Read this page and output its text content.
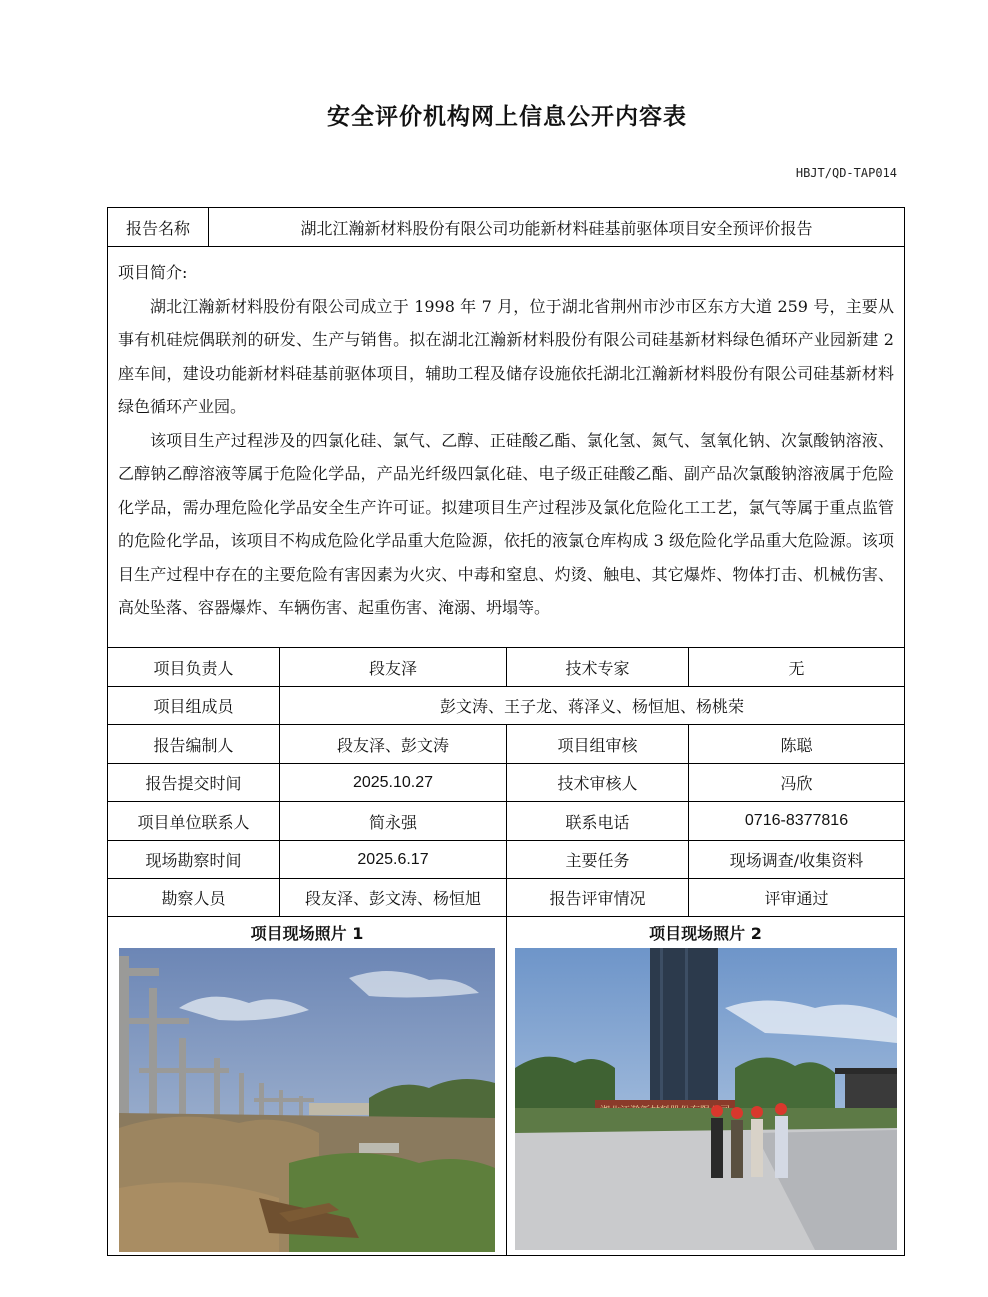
安全评价机构网上信息公开内容表
HBJT/QD-TAP014
报告名称	湖北江瀚新材料股份有限公司功能新材料硅基前驱体项目安全预评价报告

项目简介:

湖北江瀚新材料股份有限公司成立于 1998 年 7 月，位于湖北省荆州市沙市区东方大道 259 号，主要从事有机硅烷偶联剂的研发、生产与销售。拟在湖北江瀚新材料股份有限公司硅基新材料绿色循环产业园新建 2 座车间，建设功能新材料硅基前驱体项目，辅助工程及储存设施依托湖北江瀚新材料股份有限公司硅基新材料绿色循环产业园。

该项目生产过程涉及的四氯化硅、氯气、乙醇、正硅酸乙酯、氯化氢、氮气、氢氧化钠、次氯酸钠溶液、乙醇钠乙醇溶液等属于危险化学品，产品光纤级四氯化硅、电子级正硅酸乙酯、副产品次氯酸钠溶液属于危险化学品，需办理危险化学品安全生产许可证。拟建项目生产过程涉及氯化危险化工工艺，氯气等属于重点监管的危险化学品，该项目不构成危险化学品重大危险源，依托的液氯仓库构成 3 级危险化学品重大危险源。该项目生产过程中存在的主要危险有害因素为火灾、中毒和窒息、灼烫、触电、其它爆炸、物体打击、机械伤害、高处坠落、容器爆炸、车辆伤害、起重伤害、淹溺、坍塌等。

项目负责人	段友泽	技术专家	无
项目组成员	彭文涛、王子龙、蒋泽义、杨恒旭、杨桃荣
报告编制人	段友泽、彭文涛	项目组审核	陈聪
报告提交时间	2025.10.27	技术审核人	冯欣
项目单位联系人	简永强	联系电话	0716-8377816
现场勘察时间	2025.6.17	主要任务	现场调查/收集资料
勘察人员	段友泽、彭文涛、杨恒旭	报告评审情况	评审通过
项目现场照片 1	项目现场照片 2
